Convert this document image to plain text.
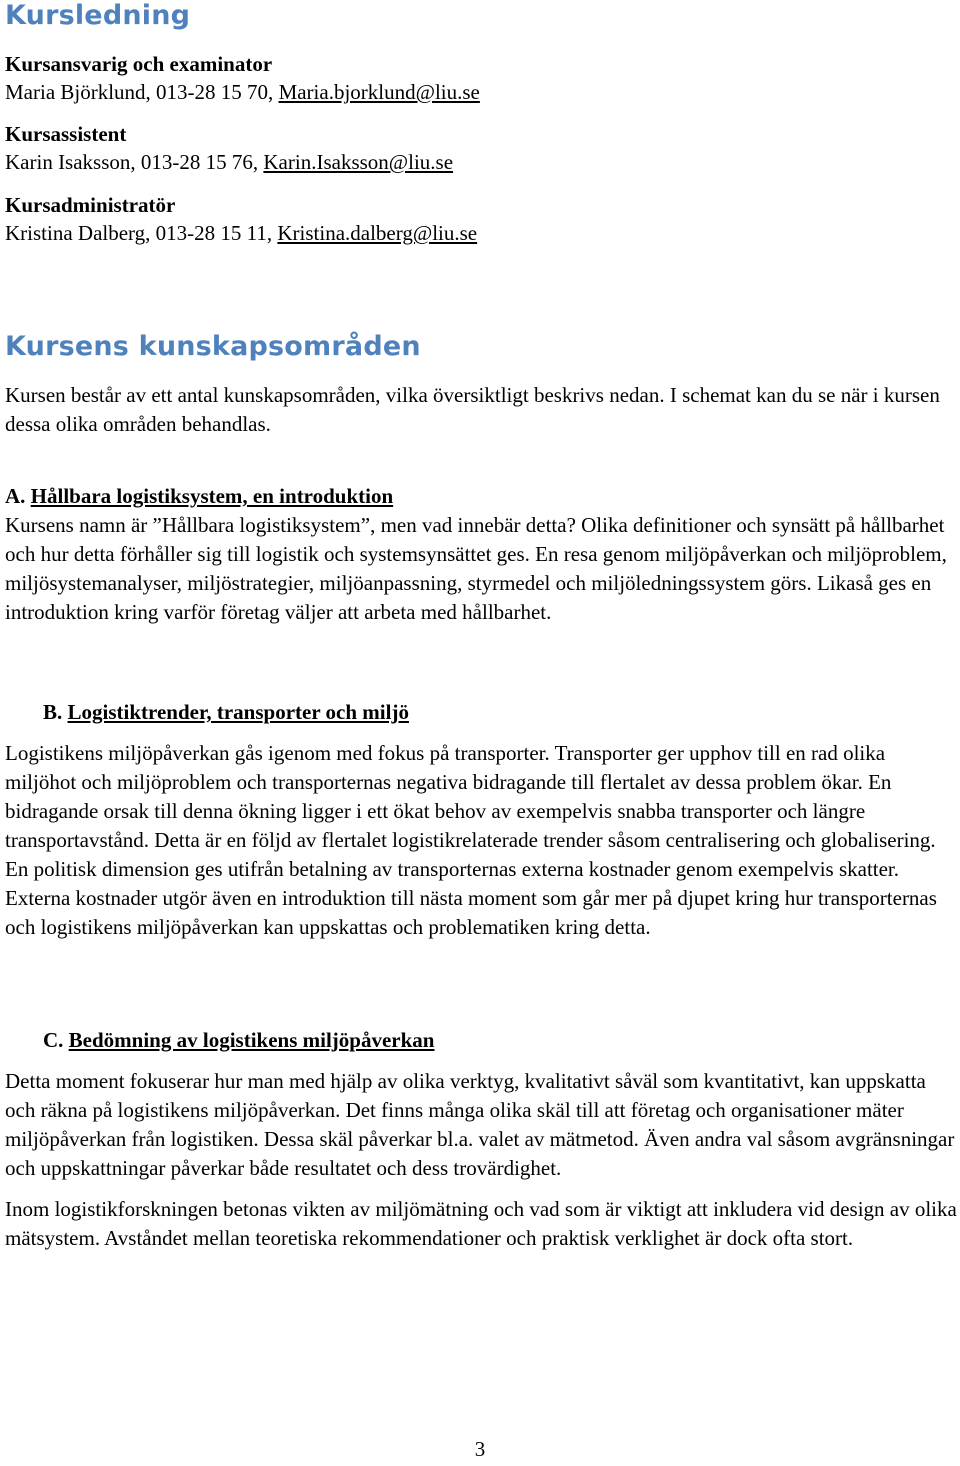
Kursledning
Kursansvarig och examinator
Maria Björklund, 013-28 15 70, Maria.bjorklund@liu.se
Kursassistent
Karin Isaksson, 013-28 15 76, Karin.Isaksson@liu.se
Kursadministratör
Kristina Dalberg, 013-28 15 11, Kristina.dalberg@liu.se
Kursens kunskapsområden

Kursen består av ett antal kunskapsområden, vilka översiktligt beskrivs nedan. I schemat kan du se när i kursen dessa olika områden behandlas.

A. Hållbara logistiksystem, en introduktion

Kursens namn är ”Hållbara logistiksystem”, men vad innebär detta? Olika definitioner och synsätt på hållbarhet och hur detta förhåller sig till logistik och systemsynsättet ges. En resa genom miljöpåverkan och miljöproblem, miljösystemanalyser, miljöstrategier, miljöanpassning, styrmedel och miljöledningssystem görs. Likaså ges en introduktion kring varför företag väljer att arbeta med hållbarhet.

B. Logistiktrender, transporter och miljö

Logistikens miljöpåverkan gås igenom med fokus på transporter. Transporter ger upphov till en rad olika miljöhot och miljöproblem och transporternas negativa bidragande till flertalet av dessa problem ökar. En bidragande orsak till denna ökning ligger i ett ökat behov av exempelvis snabba transporter och längre transportavstånd. Detta är en följd av flertalet logistikrelaterade trender såsom centralisering och globalisering. En politisk dimension ges utifrån betalning av transporternas externa kostnader genom exempelvis skatter. Externa kostnader utgör även en introduktion till nästa moment som går mer på djupet kring hur transporternas och logistikens miljöpåverkan kan uppskattas och problematiken kring detta.

C. Bedömning av logistikens miljöpåverkan

Detta moment fokuserar hur man med hjälp av olika verktyg, kvalitativt såväl som kvantitativt, kan uppskatta och räkna på logistikens miljöpåverkan. Det finns många olika skäl till att företag och organisationer mäter miljöpåverkan från logistiken. Dessa skäl påverkar bl.a. valet av mätmetod. Även andra val såsom avgränsningar och uppskattningar påverkar både resultatet och dess trovärdighet.

Inom logistikforskningen betonas vikten av miljömätning och vad som är viktigt att inkludera vid design av olika mätsystem. Avståndet mellan teoretiska rekommendationer och praktisk verklighet är dock ofta stort.

3
